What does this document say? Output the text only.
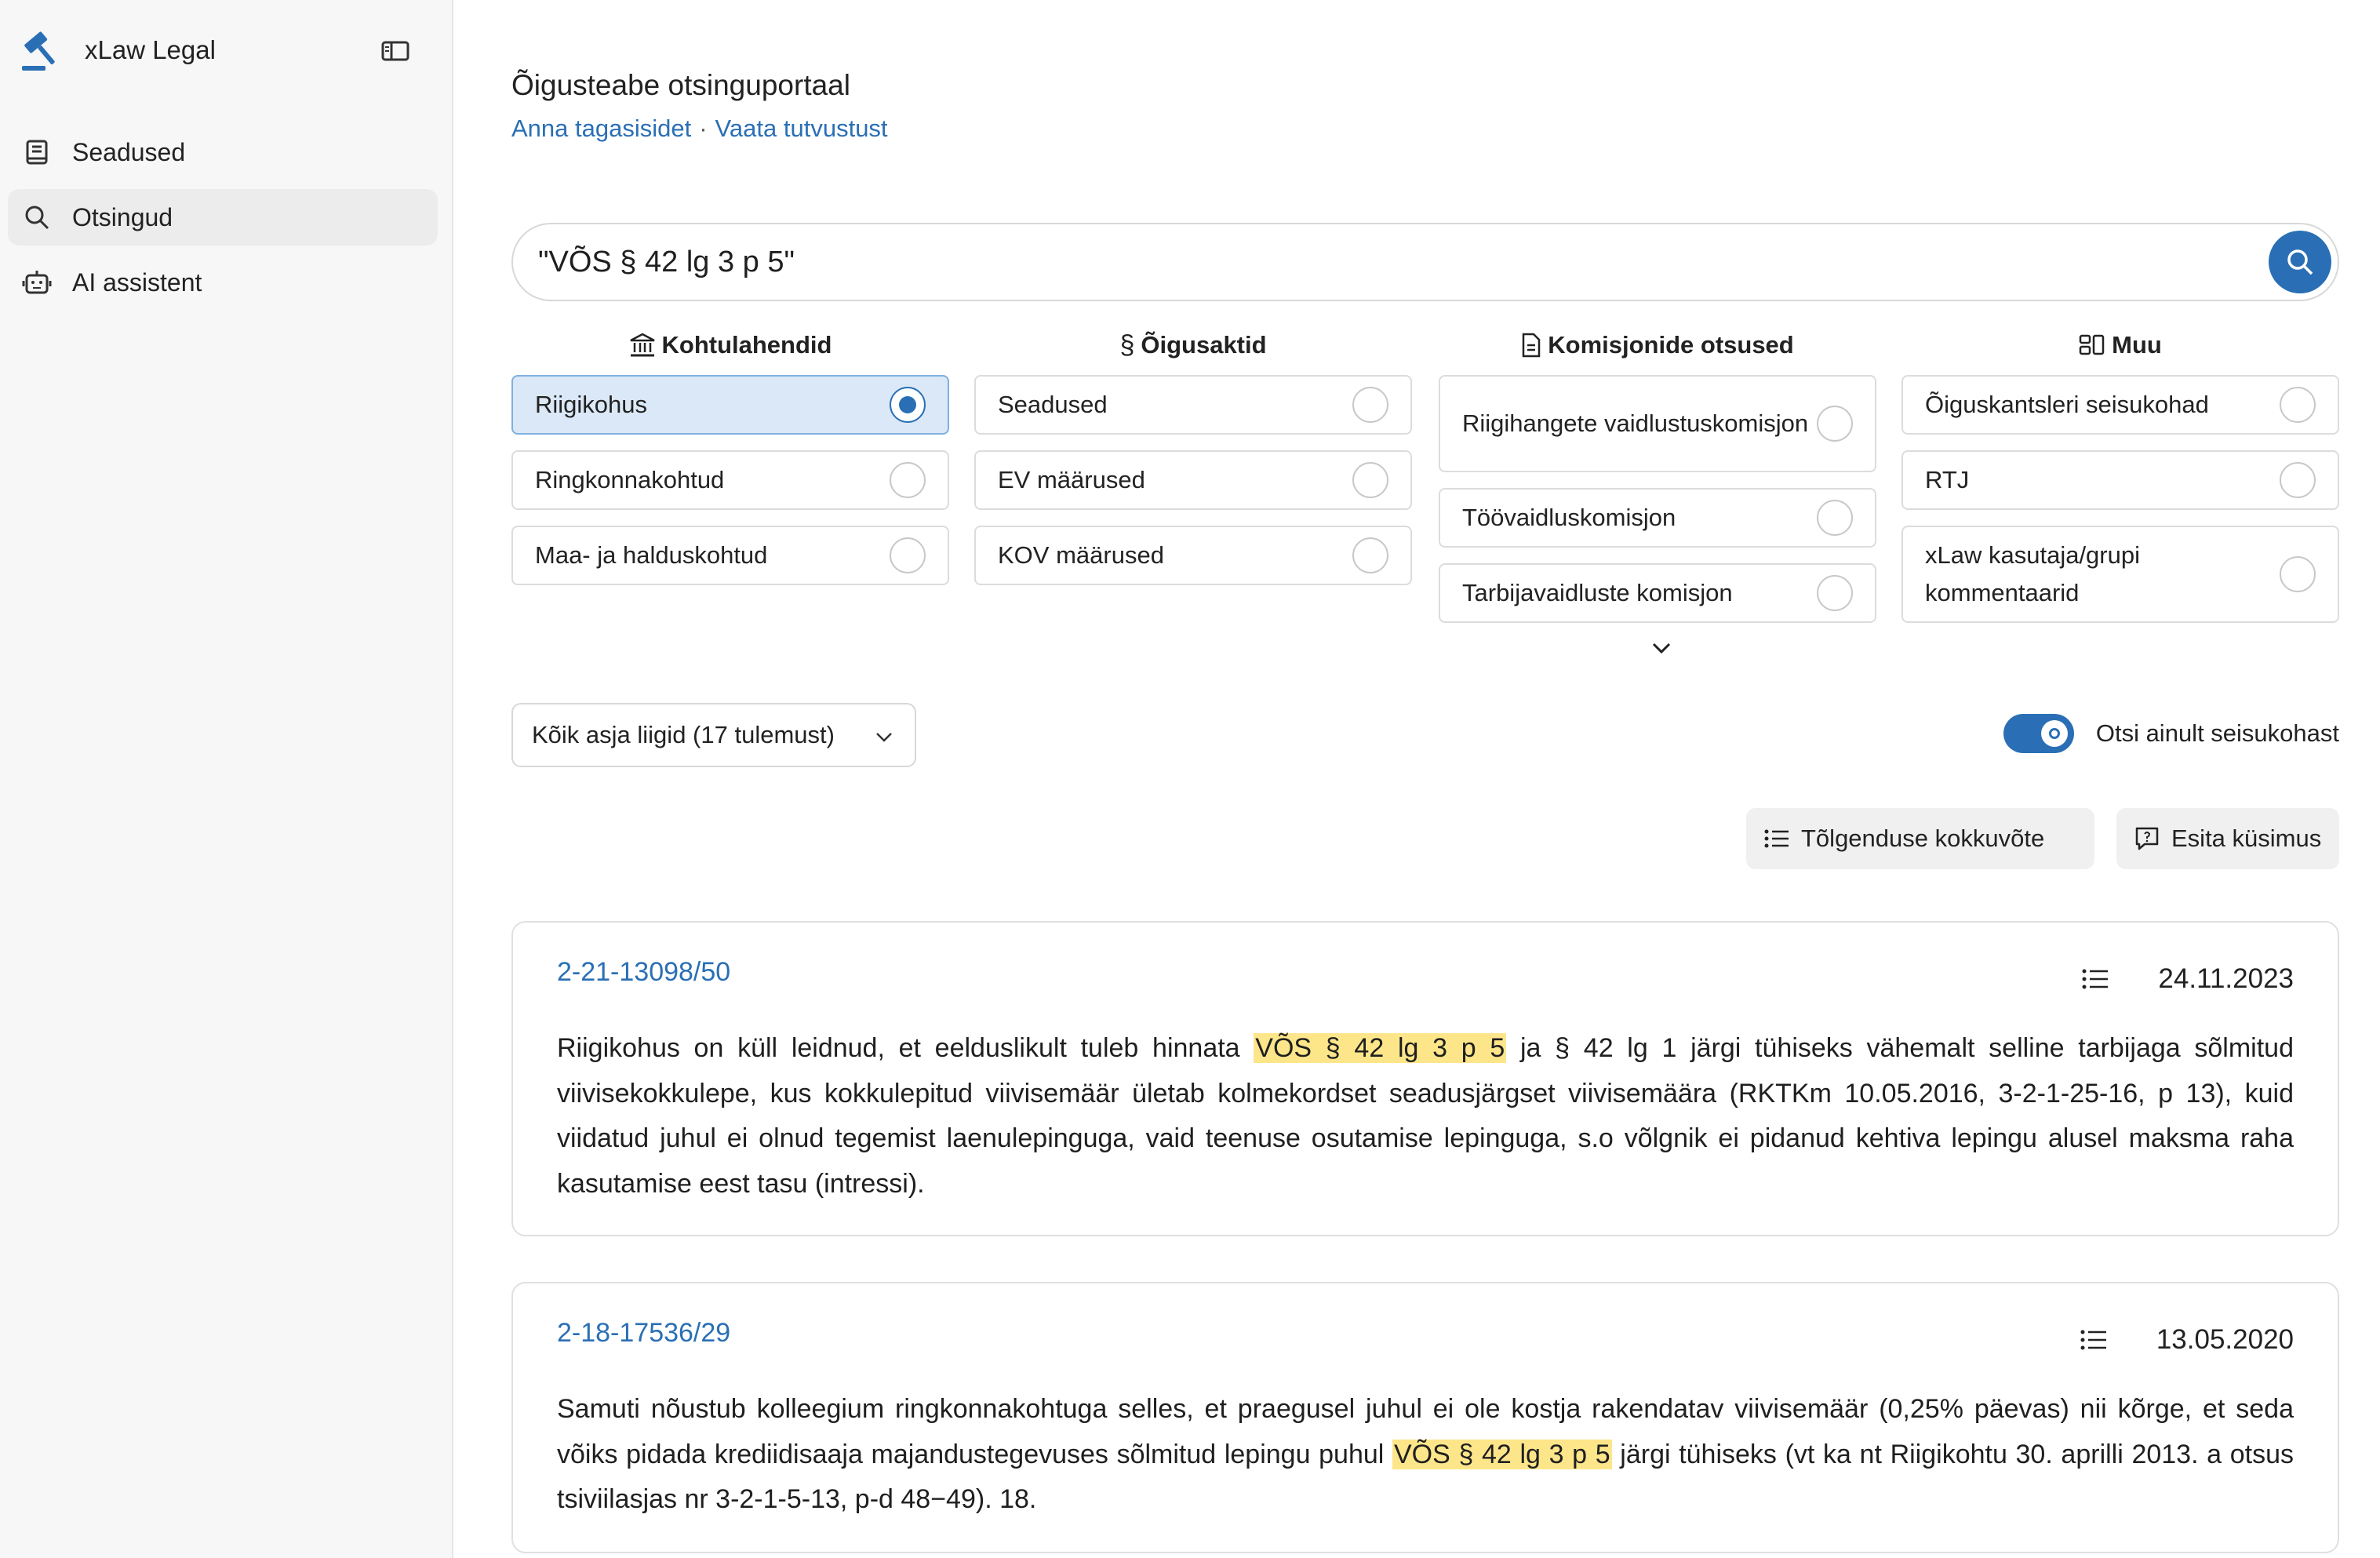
xLaw Legal
Seadused
Otsingud
AI assistent
Õigusteabe otsinguportaal
Anna tagasisidet · Vaata tutvustust
"VÕS § 42 lg 3 p 5"
Kohtulahendid
Riigikohus
Ringkonnakohtud
Maa- ja halduskohtud
§ Õigusaktid
Seadused
EV määrused
KOV määrused
Komisjonide otsused
Riigihangete vaidlustuskomisjon
Töövaidluskomisjon
Tarbijavaidluste komisjon
Muu
Õiguskantsleri seisukohad
RTJ
xLaw kasutaja/grupi kommentaarid
Kõik asja liigid (17 tulemust)	Otsi ainult seisukohast
Tõlgenduse kokkuvõte	Esita küsimus
2-21-13098/50	24.11.2023
Riigikohus on küll leidnud, et eelduslikult tuleb hinnata VÕS § 42 lg 3 p 5 ja § 42 lg 1 järgi tühiseks vähemalt selline tarbijaga sõlmitud viivisekokkulepe, kus kokkulepitud viivisemäär ületab kolmekordset seadusjärgset viivisemäära (RKTKm 10.05.2016, 3-2-1-25-16, p 13), kuid viidatud juhul ei olnud tegemist laenulepinguga, vaid teenuse osutamise lepinguga, s.o võlgnik ei pidanud kehtiva lepingu alusel maksma raha kasutamise eest tasu (intressi).
2-18-17536/29	13.05.2020
Samuti nõustub kolleegium ringkonnakohtuga selles, et praegusel juhul ei ole kostja rakendatav viivisemäär (0,25% päevas) nii kõrge, et seda võiks pidada krediidisaaja majandustegevuses sõlmitud lepingu puhul VÕS § 42 lg 3 p 5 järgi tühiseks (vt ka nt Riigikohtu 30. aprilli 2013. a otsus tsiviilasjas nr 3-2-1-5-13, p-d 48−49). 18.
